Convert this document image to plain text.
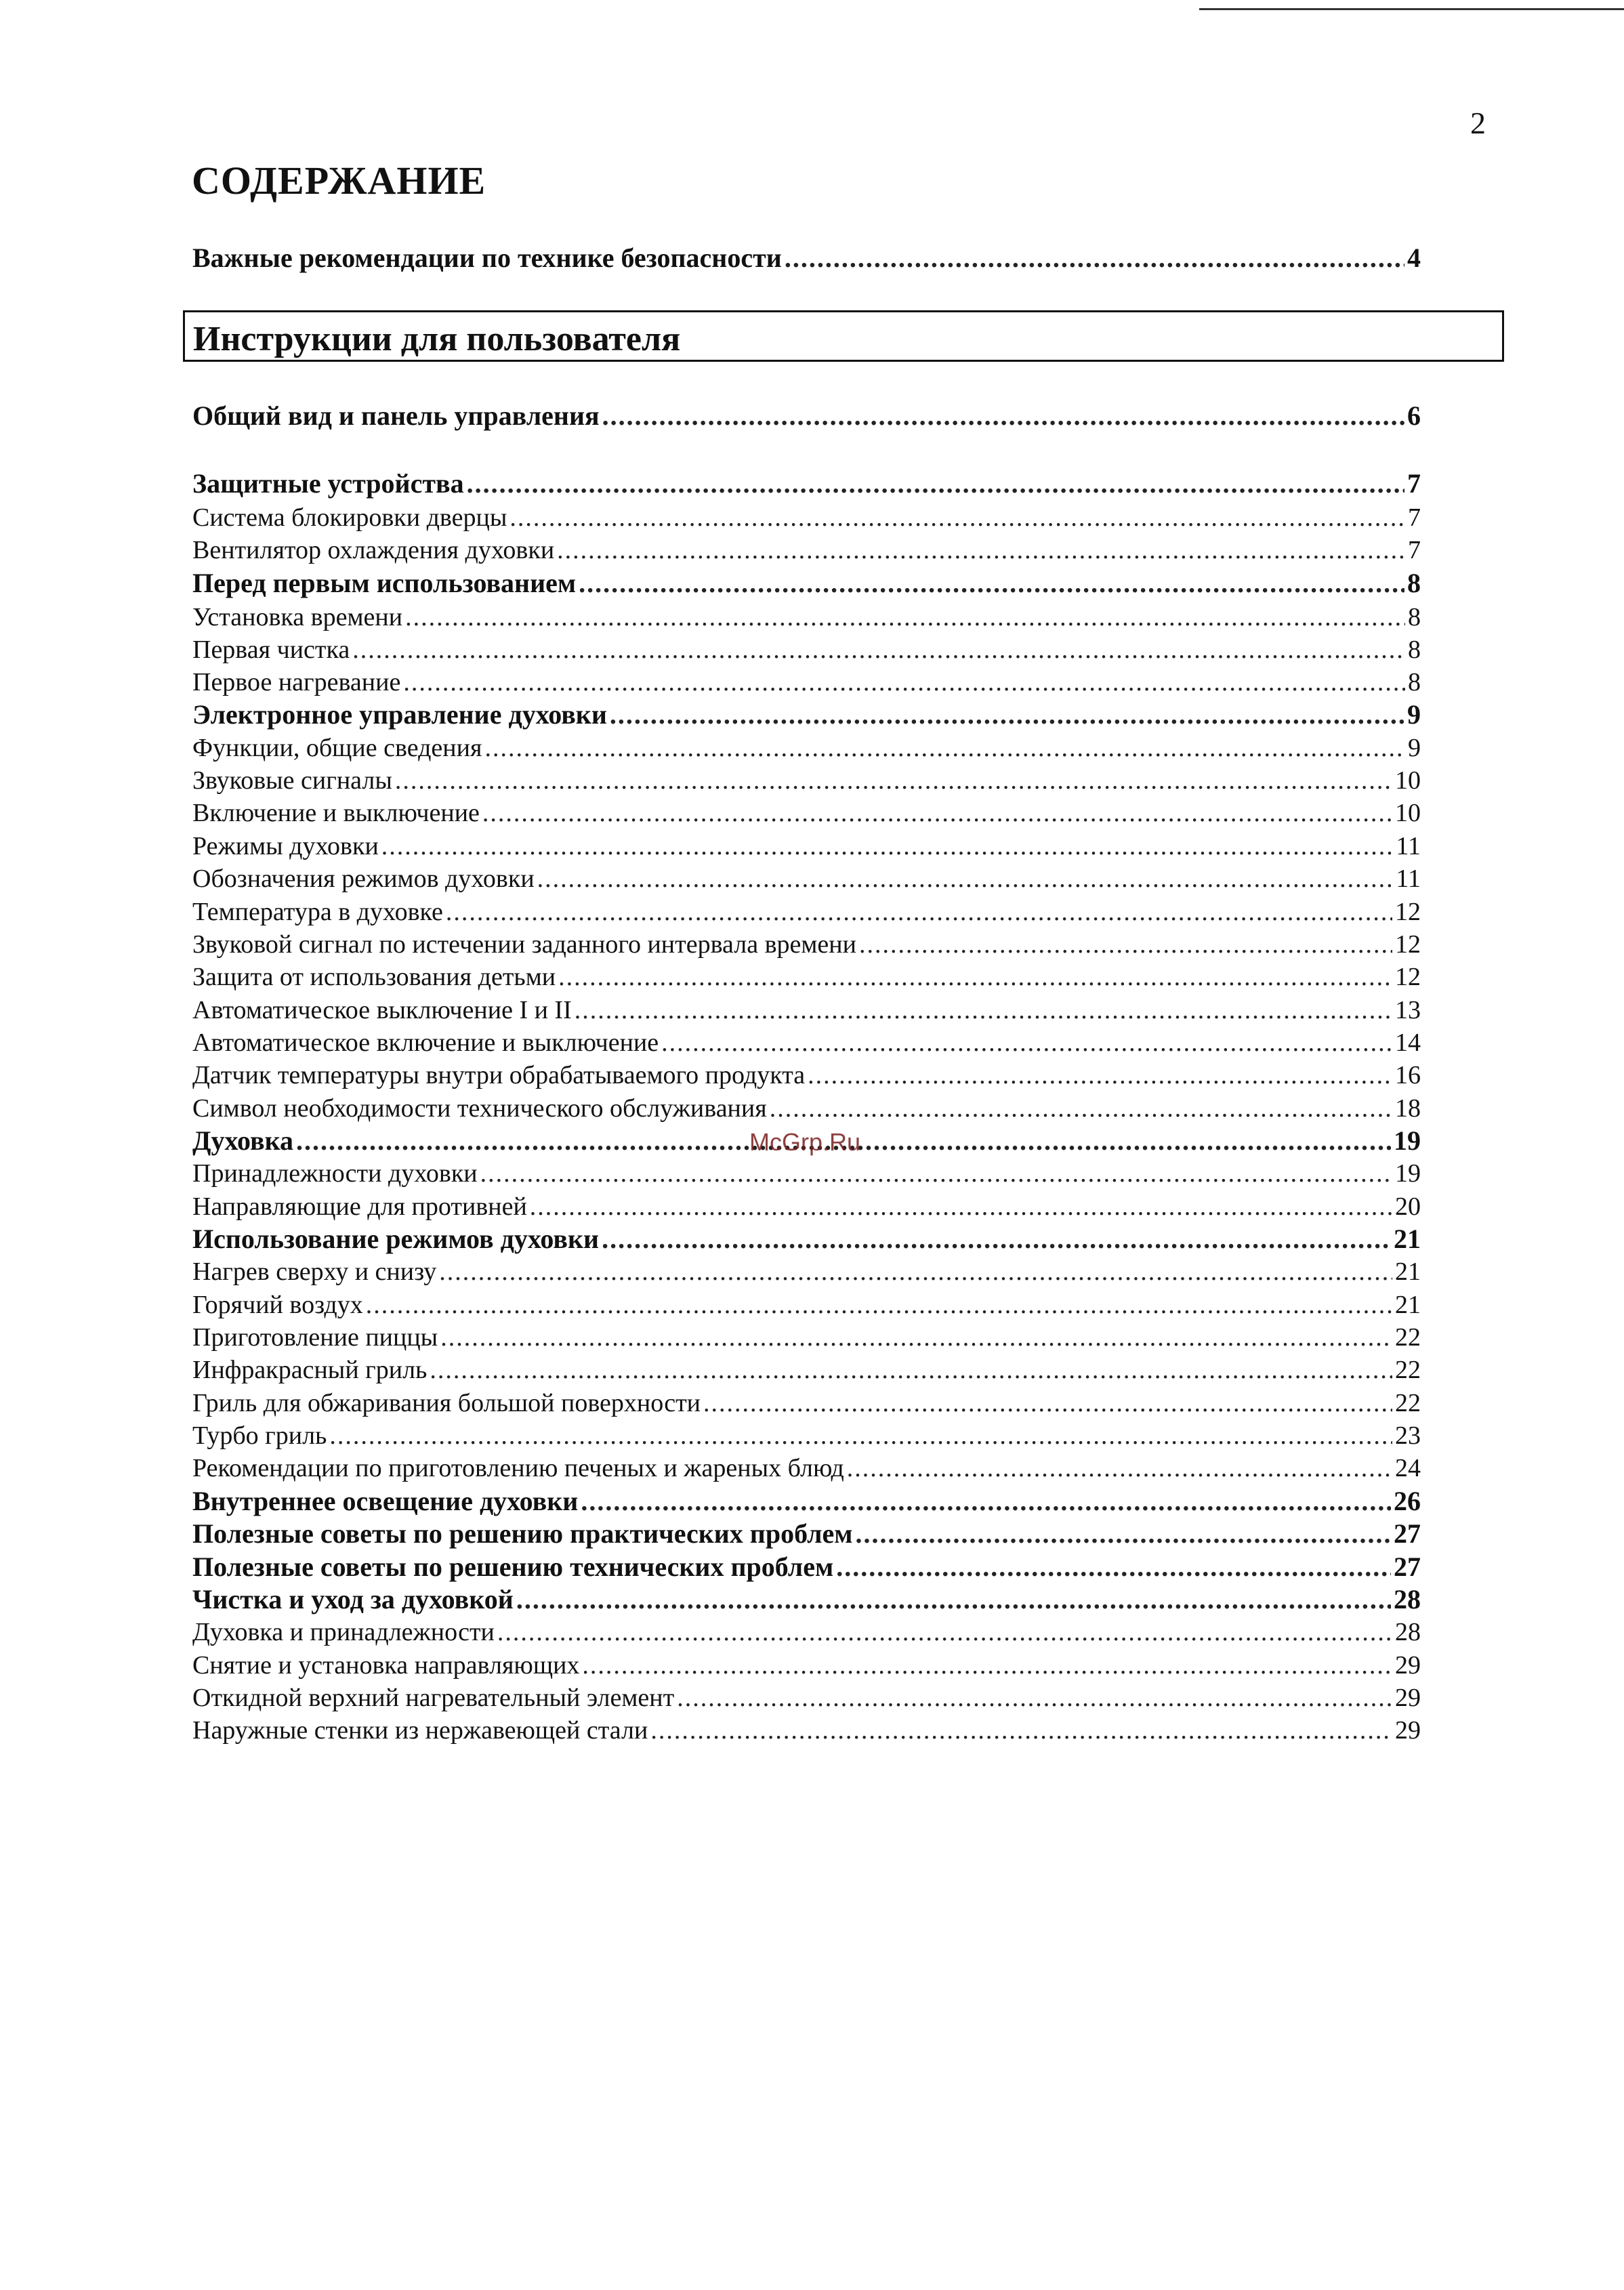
2
СОДЕРЖАНИЕ
Важные рекомендации по технике безопасности .....	4
Инструкции для пользователя
Общий вид и панель управления .....	6
Защитные устройства .....	7
Система блокировки дверцы .....	7
Вентилятор охлаждения духовки .....	7
Перед первым использованием .....	8
Установка времени .....	8
Первая чистка .....	8
Первое нагревание .....	8
Электронное управление духовки .....	9
Функции, общие сведения .....	9
Звуковые сигналы .....	10
Включение и выключение .....	10
Режимы духовки .....	11
Обозначения режимов духовки .....	11
Температура в духовке .....	12
Звуковой сигнал по истечении заданного интервала времени .....	12
Защита от использования детьми .....	12
Автоматическое выключение I и II .....	13
Автоматическое включение и выключение .....	14
Датчик температуры внутри обрабатываемого продукта .....	16
Символ необходимости технического обслуживания .....	18
Духовка .....	19
Принадлежности духовки .....	19
Направляющие для противней .....	20
Использование режимов духовки .....	21
Нагрев сверху и снизу .....	21
Горячий воздух .....	21
Приготовление пиццы .....	22
Инфракрасный гриль .....	22
Гриль для обжаривания большой поверхности .....	22
Турбо гриль .....	23
Рекомендации по приготовлению печеных и жареных блюд .....	24
Внутреннее освещение духовки .....	26
Полезные советы по решению практических проблем .....	27
Полезные советы по решению технических проблем .....	27
Чистка и уход за духовкой .....	28
Духовка и принадлежности .....	28
Снятие и установка направляющих .....	29
Откидной верхний нагревательный элемент .....	29
Наружные стенки из нержавеющей стали .....	29
McGrp.Ru
